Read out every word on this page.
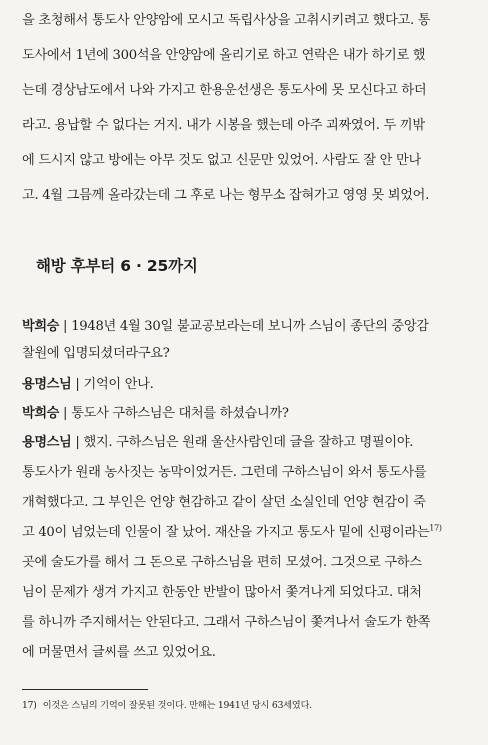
을 초청해서 통도사 안양암에 모시고 독립사상을 고취시키려고 했다고. 통
도사에서 1년에 300석을 안양암에 올리기로 하고 연락은 내가 하기로 했
는데 경상남도에서 나와 가지고 한용운선생은 통도사에 못 모신다고 하더
라고. 용납할 수 없다는 거지. 내가 시봉을 했는데 아주 괴짜였어. 두 끼밖
에 드시지 않고 방에는 아무 것도 없고 신문만 있었어. 사람도 잘 안 만나
고. 4월 그믐께 올라갔는데 그 후로 나는 형무소 잡혀가고 영영 못 뵈었어.
해방 후부터 6 · 25까지
박희승 | 1948년 4월 30일 불교공보라는데 보니까 스님이 종단의 중앙감
찰원에 입명되셨더라구요?
용명스님 | 기억이 안나.
박희승 | 통도사 구하스님은 대처를 하셨습니까?
용명스님 | 했지. 구하스님은 원래 울산사람인데 글을 잘하고 명필이야.
통도사가 원래 농사짓는 농막이었거든. 그런데 구하스님이 와서 통도사를
개혁했다고. 그 부인은 언양 현감하고 같이 살던 소실인데 언양 현감이 죽
고 40이 넘었는데 인물이 잘 났어. 재산을 가지고 통도사 밑에 신평이라는$^{17)}$
곳에 술도가를 해서 그 돈으로 구하스님을 편히 모셨어. 그것으로 구하스
님이 문제가 생겨 가지고 한동안 반발이 많아서 쫓겨나게 되었다고. 대처
를 하니까 주지해서는 안된다고. 그래서 구하스님이 쫓겨나서 술도가 한쪽
에 머물면서 글씨를 쓰고 있었어요.
17) 이것은 스님의 기억이 잘못된 것이다. 만해는 1941년 당시 63세였다.
